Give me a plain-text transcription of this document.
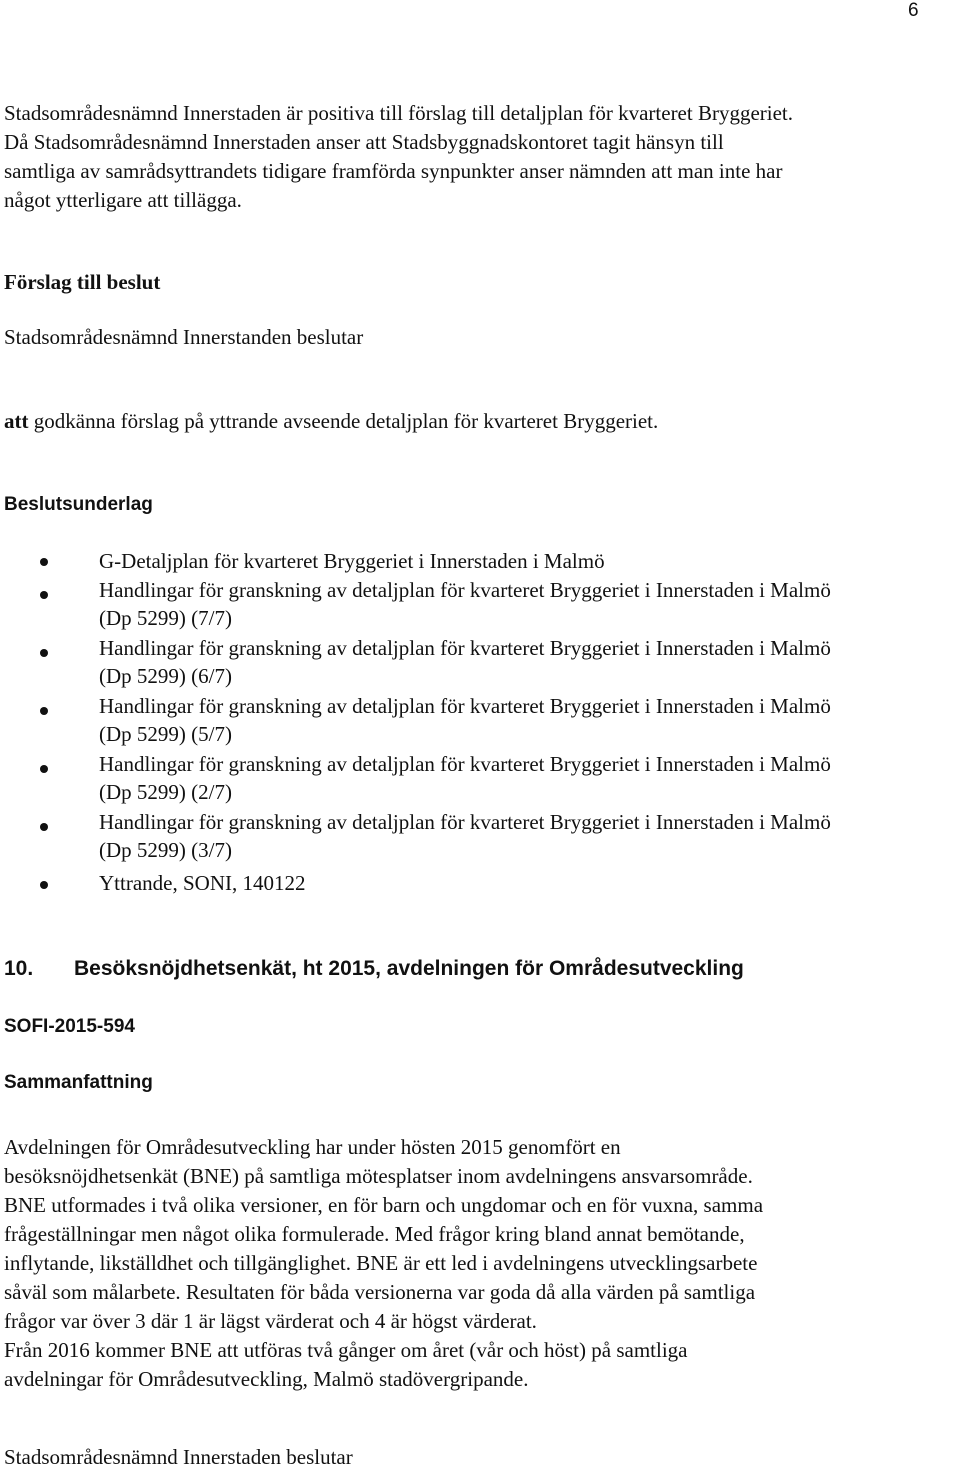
6
Stadsområdesnämnd Innerstaden är positiva till förslag till detaljplan för kvarteret Bryggeriet.
Då Stadsområdesnämnd Innerstaden anser att Stadsbyggnadskontoret tagit hänsyn till
samtliga av samrådsyttrandets tidigare framförda synpunkter anser nämnden att man inte har
något ytterligare att tillägga.
Förslag till beslut
Stadsområdesnämnd Innerstanden beslutar
att godkänna förslag på yttrande avseende detaljplan för kvarteret Bryggeriet.
Beslutsunderlag
G-Detaljplan för kvarteret Bryggeriet i Innerstaden i Malmö
Handlingar för granskning av detaljplan för kvarteret Bryggeriet i Innerstaden i Malmö
(Dp 5299) (7/7)
Handlingar för granskning av detaljplan för kvarteret Bryggeriet i Innerstaden i Malmö
(Dp 5299) (6/7)
Handlingar för granskning av detaljplan för kvarteret Bryggeriet i Innerstaden i Malmö
(Dp 5299) (5/7)
Handlingar för granskning av detaljplan för kvarteret Bryggeriet i Innerstaden i Malmö
(Dp 5299) (2/7)
Handlingar för granskning av detaljplan för kvarteret Bryggeriet i Innerstaden i Malmö
(Dp 5299) (3/7)
Yttrande, SONI, 140122
10. Besöksnöjdhetsenkät, ht 2015, avdelningen för Områdesutveckling
SOFI-2015-594
Sammanfattning
Avdelningen för Områdesutveckling har under hösten 2015 genomfört en
besöksnöjdhetsenkät (BNE) på samtliga mötesplatser inom avdelningens ansvarsområde.
BNE utformades i två olika versioner, en för barn och ungdomar och en för vuxna, samma
frågeställningar men något olika formulerade. Med frågor kring bland annat bemötande,
inflytande, likställdhet och tillgänglighet. BNE är ett led i avdelningens utvecklingsarbete
såväl som målarbete. Resultaten för båda versionerna var goda då alla värden på samtliga
frågor var över 3 där 1 är lägst värderat och 4 är högst värderat.
Från 2016 kommer BNE att utföras två gånger om året (vår och höst) på samtliga
avdelningar för Områdesutveckling, Malmö stadövergripande.
Stadsområdesnämnd Innerstaden beslutar
